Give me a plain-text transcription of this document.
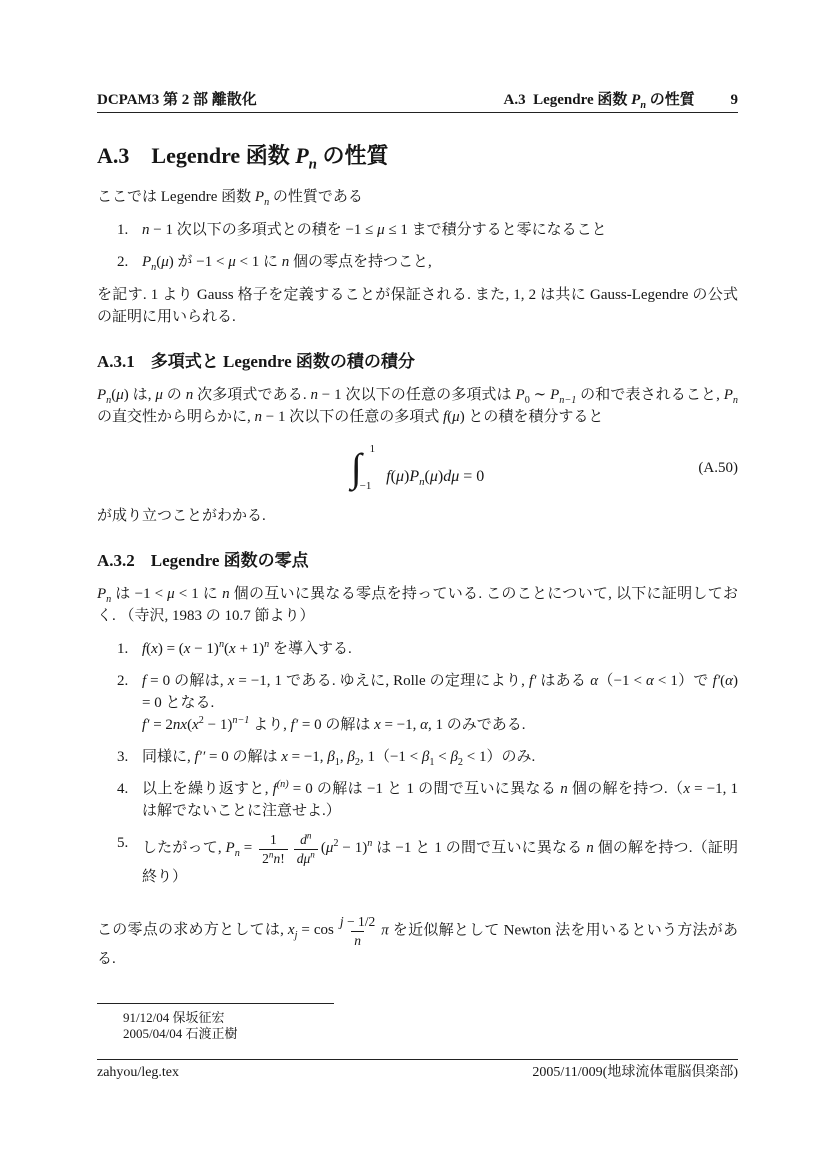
DCPAM3 第 2 部 離散化	A.3  Legendre 函数 $P_n$ の性質 9
A.3  Legendre 函数 $P_n$ の性質

ここでは Legendre 函数 $P_n$ の性質である

1. n − 1 次以下の多項式との積を −1 ≤ μ ≤ 1 まで積分すると零になること
2. $P_n(\mu)$ が −1 < μ < 1 に n 個の零点を持つこと,

を記す. 1 より Gauss 格子を定義することが保証される. また, 1, 2 は共に Gauss-Legendre の公式の証明に用いられる.

A.3.1 多項式と Legendre 函数の積の積分

$P_n(\mu)$ は, μ の n 次多項式である. n − 1 次以下の任意の多項式は $P_0$ ∼ $P_{n-1}$ の和で表されること, $P_n$ の直交性から明らかに, n − 1 次以下の任意の多項式 f(μ) との積を積分すると

∫ 1
−1
$f(\mu)P_n(\mu)d\mu = 0$
(A.50)

が成り立つことがわかる.

A.3.2 Legendre 函数の零点

$P_n$ は −1 < μ < 1 に n 個の互いに異なる零点を持っている. このことについて, 以下に証明しておく. （寺沢, 1983 の 10.7 節より）

1. $f(x) = (x - 1)^n(x + 1)^n$ を導入する.
2. f = 0 の解は, x = −1, 1 である. ゆえに, Rolle の定理により, f′ はある α（−1 < α < 1）で f′(α) = 0 となる.
$f' = 2nx(x^2 - 1)^{n-1}$ より, f′ = 0 の解は x = −1, α, 1 のみである.
3. 同様に, f′′ = 0 の解は x = −1, $\beta_1$, $\beta_2$, $1(-1 < \beta_1 < \beta_2 < 1)$のみ.
4. 以上を繰り返すと, $f^{(n)} = 0$ の解は −1 と 1 の間で互いに異なる n 個の解を持つ.（x = −1, 1 は解でないことに注意せよ.）
5. したがって, $P_n = \frac{1}{2^nn!} \frac{d^n}{d\mu^n} (\mu^2 - 1)^n$ は −1 と 1 の間で互いに異なる n 個の解を持つ.（証明終り）

この零点の求め方としては, $x_j = \cos \frac{j - 1/2}{n}$ π を近似解として Newton 法を用いるという方法がある.

91/12/04 保坂征宏
2005/04/04 石渡正樹
zahyou/leg.tex	2005/11/009(地球流体電脳倶楽部)
